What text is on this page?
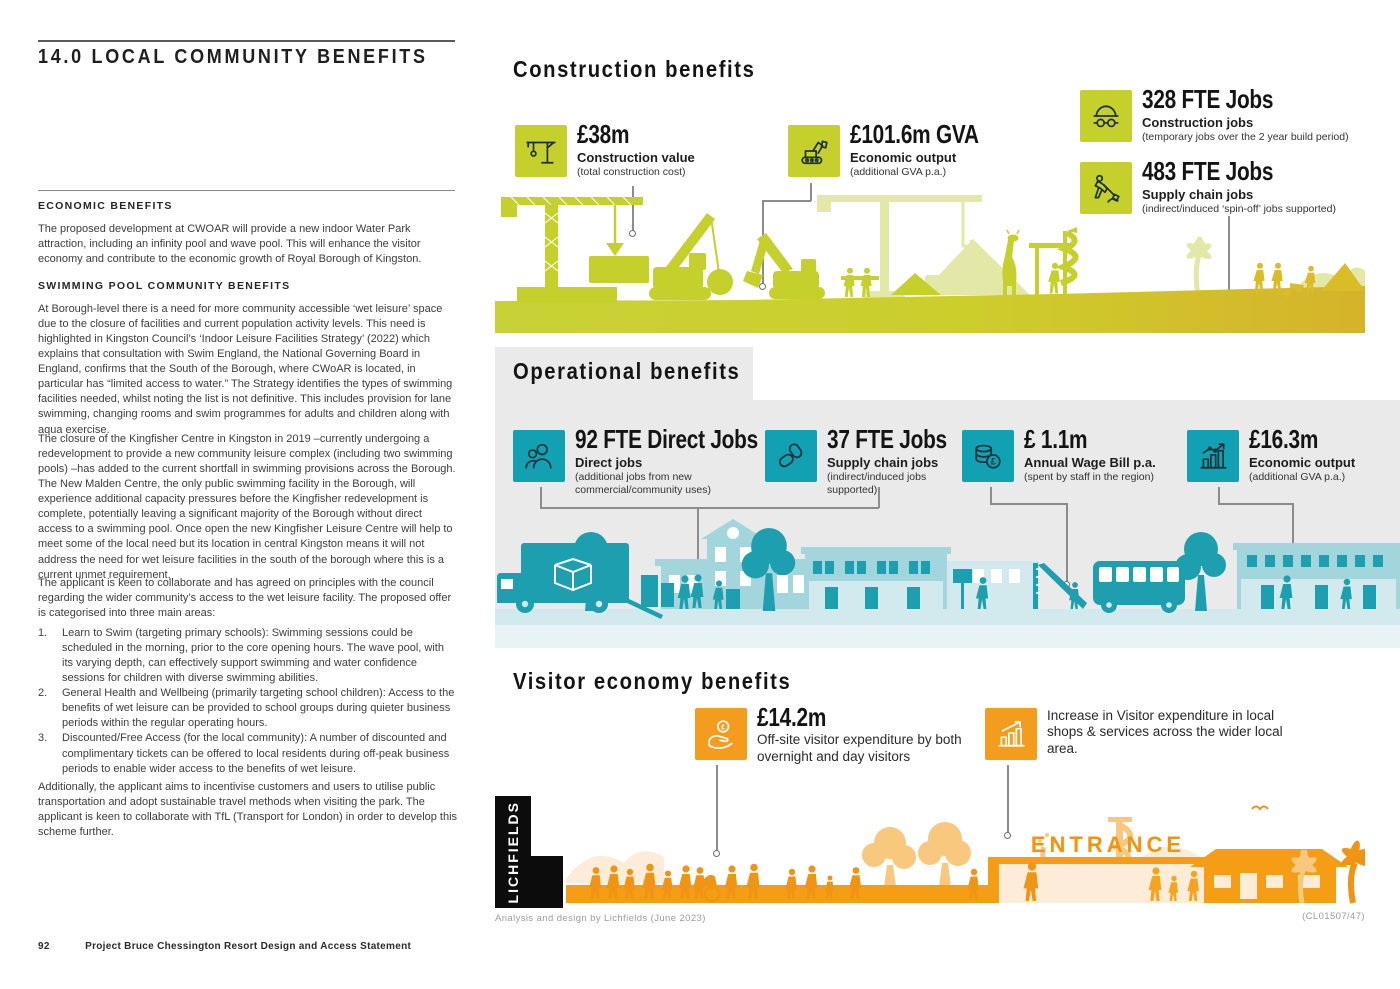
14.0 LOCAL COMMUNITY BENEFITS
ECONOMIC BENEFITS
The proposed development at CWOAR will provide a new indoor Water Park attraction, including an infinity pool and wave pool. This will enhance the visitor economy and contribute to the economic growth of Royal Borough of Kingston.
SWIMMING POOL COMMUNITY BENEFITS
At Borough-level there is a need for more community accessible ‘wet leisure’ space due to the closure of facilities and current population activity levels. This need is highlighted in Kingston Council’s ‘Indoor Leisure Facilities Strategy’ (2022) which explains that consultation with Swim England, the National Governing Board in England, confirms that the South of the Borough, where CWoAR is located, in particular has “limited access to water.” The Strategy identifies the types of swimming facilities needed, whilst noting the list is not definitive. This includes provision for lane swimming, changing rooms and swim programmes for adults and children along with aqua exercise.
The closure of the Kingfisher Centre in Kingston in 2019 –currently undergoing a redevelopment to provide a new community leisure complex (including two swimming pools) –has added to the current shortfall in swimming provisions across the Borough. The New Malden Centre, the only public swimming facility in the Borough, will experience additional capacity pressures before the Kingfisher redevelopment is complete, potentially leaving a significant majority of the Borough without direct access to a swimming pool. Once open the new Kingfisher Leisure Centre will help to meet some of the local need but its location in central Kingston means it will not address the need for wet leisure facilities in the south of the borough where this is a current unmet requirement.
The applicant is keen to collaborate and has agreed on principles with the council regarding the wider community’s access to the wet leisure facility. The proposed offer is categorised into three main areas:
1.	Learn to Swim (targeting primary schools): Swimming sessions could be scheduled in the morning, prior to the core opening hours. The wave pool, with its varying depth, can effectively support swimming and water confidence sessions for children with diverse swimming abilities.
2.	General Health and Wellbeing (primarily targeting school children): Access to the benefits of wet leisure can be provided to school groups during quieter business periods within the regular operating hours.
3.	Discounted/Free Access (for the local community): A number of discounted and complimentary tickets can be offered to local residents during off-peak business periods to enable wider access to the benefits of wet leisure.
Additionally, the applicant aims to incentivise customers and users to utilise public transportation and adopt sustainable travel methods when visiting the park. The applicant is keen to collaborate with TfL (Transport for London) in order to develop this scheme further.
92	Project Bruce Chessington Resort Design and Access Statement
Construction benefits
£38m
Construction value
(total construction cost)
£101.6m GVA
Economic output
(additional GVA p.a.)
328 FTE Jobs
Construction jobs
(temporary jobs over the 2 year build period)
483 FTE Jobs
Supply chain jobs
(indirect/induced ‘spin-off’ jobs supported)
Operational benefits
92 FTE Direct Jobs
Direct jobs
(additional jobs from new commercial/community uses)
37 FTE Jobs
Supply chain jobs
(indirect/induced jobs supported)
£
£ 1.1m
Annual Wage Bill p.a.
(spent by staff in the region)
£16.3m
Economic output
(additional GVA p.a.)
Visitor economy benefits
£ £14.2m
Off-site visitor expenditure by both overnight and day visitors
Increase in Visitor expenditure in local shops & services across the wider local area.
ENTRANCE
LICHFIELDS
Analysis and design by Lichfields (June 2023)	(CL01507/47)
